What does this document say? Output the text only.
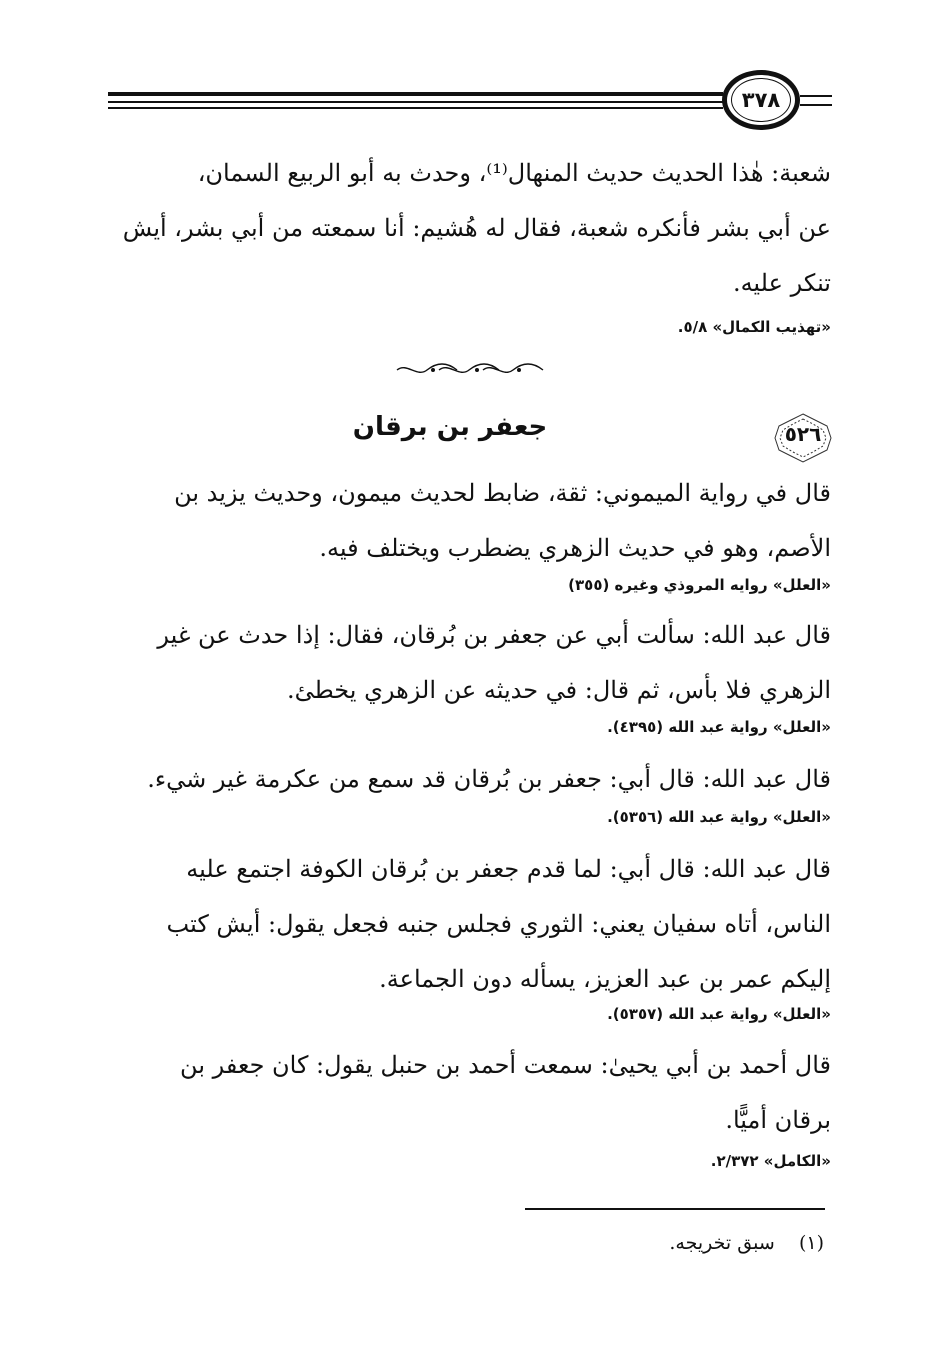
٣٧٨
شعبة: هٰذا الحديث حديث المنهال⁽¹⁾، وحدث به أبو الربيع السمان،
عن أبي بشر فأنكره شعبة، فقال له هُشيم: أنا سمعته من أبي بشر، أيش
تنكر عليه.
«تهذيب الكمال» ٥/٨.
٥٢٦
جعفر بن برقان
قال في رواية الميموني: ثقة، ضابط لحديث ميمون، وحديث يزيد بن
الأصم، وهو في حديث الزهري يضطرب ويختلف فيه.
«العلل» روايه المروذي وغيره (٣٥٥)
قال عبد الله: سألت أبي عن جعفر بن بُرقان، فقال: إذا حدث عن غير
الزهري فلا بأس، ثم قال: في حديثه عن الزهري يخطئ.
«العلل» رواية عبد الله (٤٣٩٥).
قال عبد الله: قال أبي: جعفر بن بُرقان قد سمع من عكرمة غير شيء.
«العلل» رواية عبد الله (٥٣٥٦).
قال عبد الله: قال أبي: لما قدم جعفر بن بُرقان الكوفة اجتمع عليه
الناس، أتاه سفيان يعني: الثوري فجلس جنبه فجعل يقول: أيش كتب
إليكم عمر بن عبد العزيز، يسأله دون الجماعة.
«العلل» رواية عبد الله (٥٣٥٧).
قال أحمد بن أبي يحيىٰ: سمعت أحمد بن حنبل يقول: كان جعفر بن
برقان أميًّا.
«الكامل» ٢/٣٧٢.
(١)    سبق تخريجه.
